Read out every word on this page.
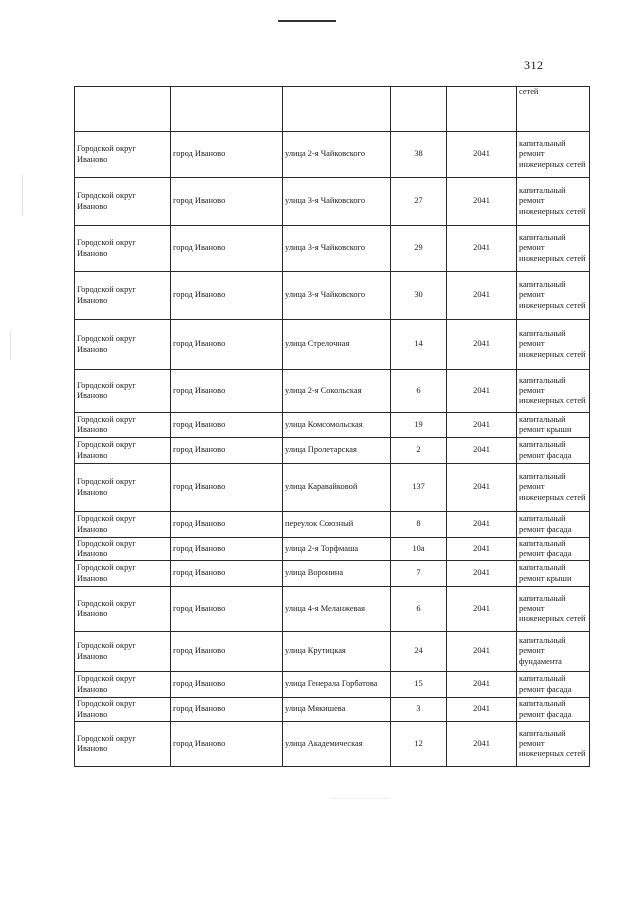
312
					сетей
Городской округ Иваново	город Иваново	улица 2-я Чайковского	38	2041	капитальный ремонт инженерных сетей
Городской округ Иваново	город Иваново	улица 3-я Чайковского	27	2041	капитальный ремонт инженерных сетей
Городской округ Иваново	город Иваново	улица 3-я Чайковского	29	2041	капитальный ремонт инженерных сетей
Городской округ Иваново	город Иваново	улица 3-я Чайковского	30	2041	капитальный ремонт инженерных сетей
Городской округ Иваново	город Иваново	улица Стрелочная	14	2041	капитальный ремонт инженерных сетей
Городской округ Иваново	город Иваново	улица 2-я Сокольская	6	2041	капитальный ремонт инженерных сетей
Городской округ Иваново	город Иваново	улица Комсомольская	19	2041	капитальный ремонт крыши
Городской округ Иваново	город Иваново	улица Пролетарская	2	2041	капитальный ремонт фасада
Городской округ Иваново	город Иваново	улица Каравайковой	137	2041	капитальный ремонт инженерных сетей
Городской округ Иваново	город Иваново	переулок Союзный	8	2041	капитальный ремонт фасада
Городской округ Иваново	город Иваново	улица 2-я Торфмаша	10а	2041	капитальный ремонт фасада
Городской округ Иваново	город Иваново	улица Воронина	7	2041	капитальный ремонт крыши
Городской округ Иваново	город Иваново	улица 4-я Меланжевая	6	2041	капитальный ремонт инженерных сетей
Городской округ Иваново	город Иваново	улица Крутицкая	24	2041	капитальный ремонт фундамента
Городской округ Иваново	город Иваново	улица Генерала Горбатова	15	2041	капитальный ремонт фасада
Городской округ Иваново	город Иваново	улица Мякишева	3	2041	капитальный ремонт фасада
Городской округ Иваново	город Иваново	улица Академическая	12	2041	капитальный ремонт инженерных сетей
